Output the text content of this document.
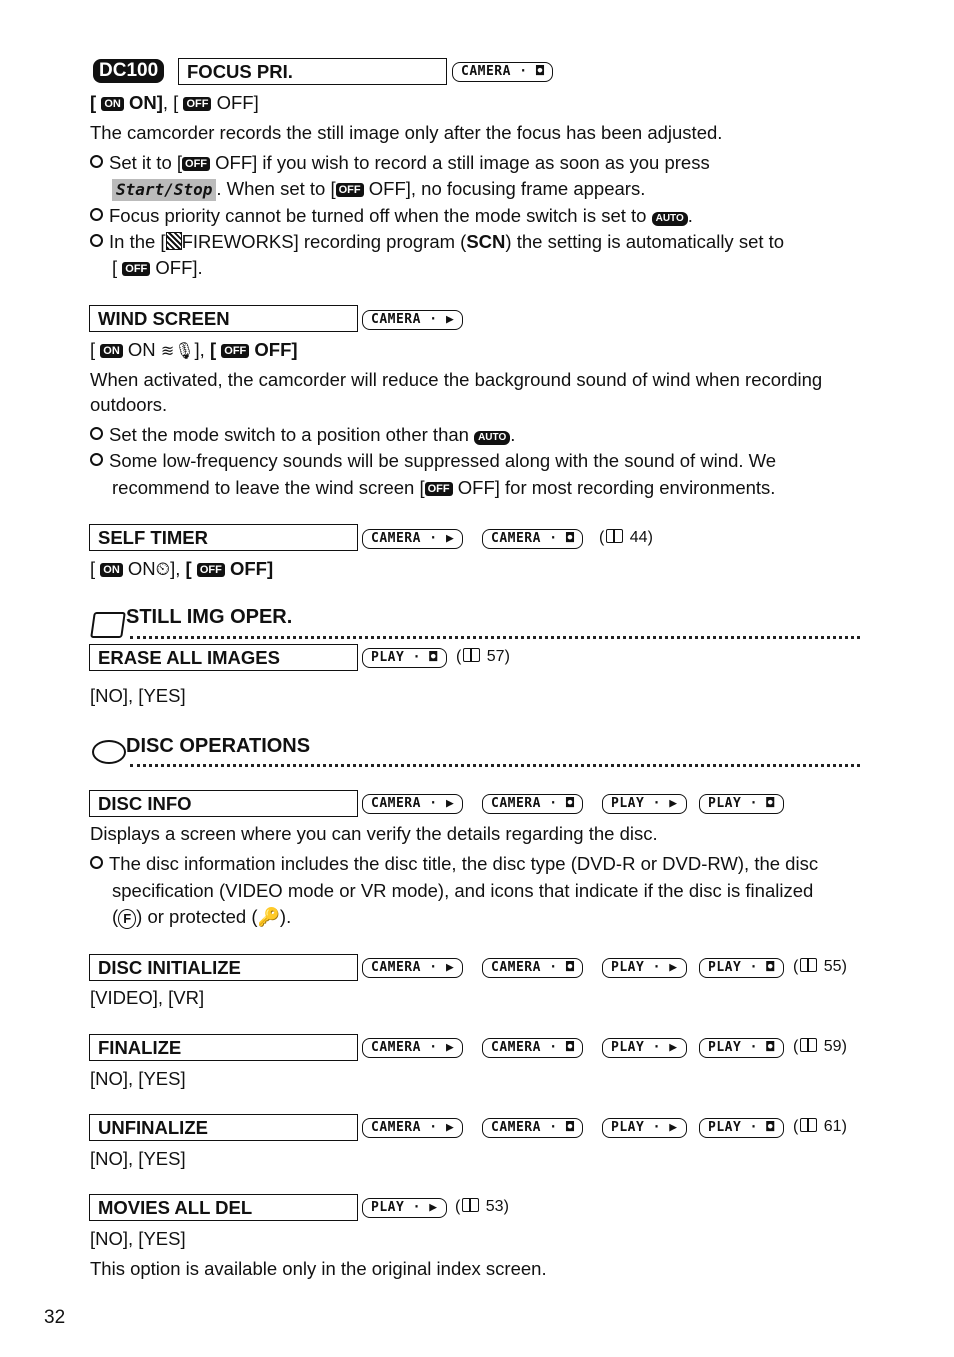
DC100	FOCUS PRI.	CAMERA · ◘
[ ON ON], [ OFF OFF]
The camcorder records the still image only after the focus has been adjusted.
Set it to [ OFF OFF] if you wish to record a still image as soon as you press
Start/Stop . When set to [ OFF OFF], no focusing frame appears.
Focus priority cannot be turned off when the mode switch is set to AUTO .
In the [ FIREWORKS] recording program (SCN) the setting is automatically set to
[ OFF OFF].
WIND SCREEN	CAMERA · ▶
[ ON ON ≋🎙], [ OFF OFF]
When activated, the camcorder will reduce the background sound of wind when recording
outdoors.
Set the mode switch to a position other than AUTO .
Some low-frequency sounds will be suppressed along with the sound of wind. We
recommend to leave the wind screen [ OFF OFF] for most recording environments.
SELF TIMER	CAMERA · ▶	CAMERA · ◘	( 44)
[ ON ON⏲], [ OFF OFF]
STILL IMG OPER.
ERASE ALL IMAGES	PLAY · ◘	( 57)
[NO], [YES]
DISC OPERATIONS
DISC INFO	CAMERA · ▶	CAMERA · ◘	PLAY · ▶	PLAY · ◘
Displays a screen where you can verify the details regarding the disc.
The disc information includes the disc title, the disc type (DVD-R or DVD-RW), the disc
specification (VIDEO mode or VR mode), and icons that indicate if the disc is finalized
( F ) or protected (🔑).
DISC INITIALIZE	CAMERA · ▶	CAMERA · ◘	PLAY · ▶	PLAY · ◘	( 55)
[VIDEO], [VR]
FINALIZE	CAMERA · ▶	CAMERA · ◘	PLAY · ▶	PLAY · ◘	( 59)
[NO], [YES]
UNFINALIZE	CAMERA · ▶	CAMERA · ◘	PLAY · ▶	PLAY · ◘	( 61)
[NO], [YES]
MOVIES ALL DEL	PLAY · ▶	( 53)
[NO], [YES]
This option is available only in the original index screen.
32
